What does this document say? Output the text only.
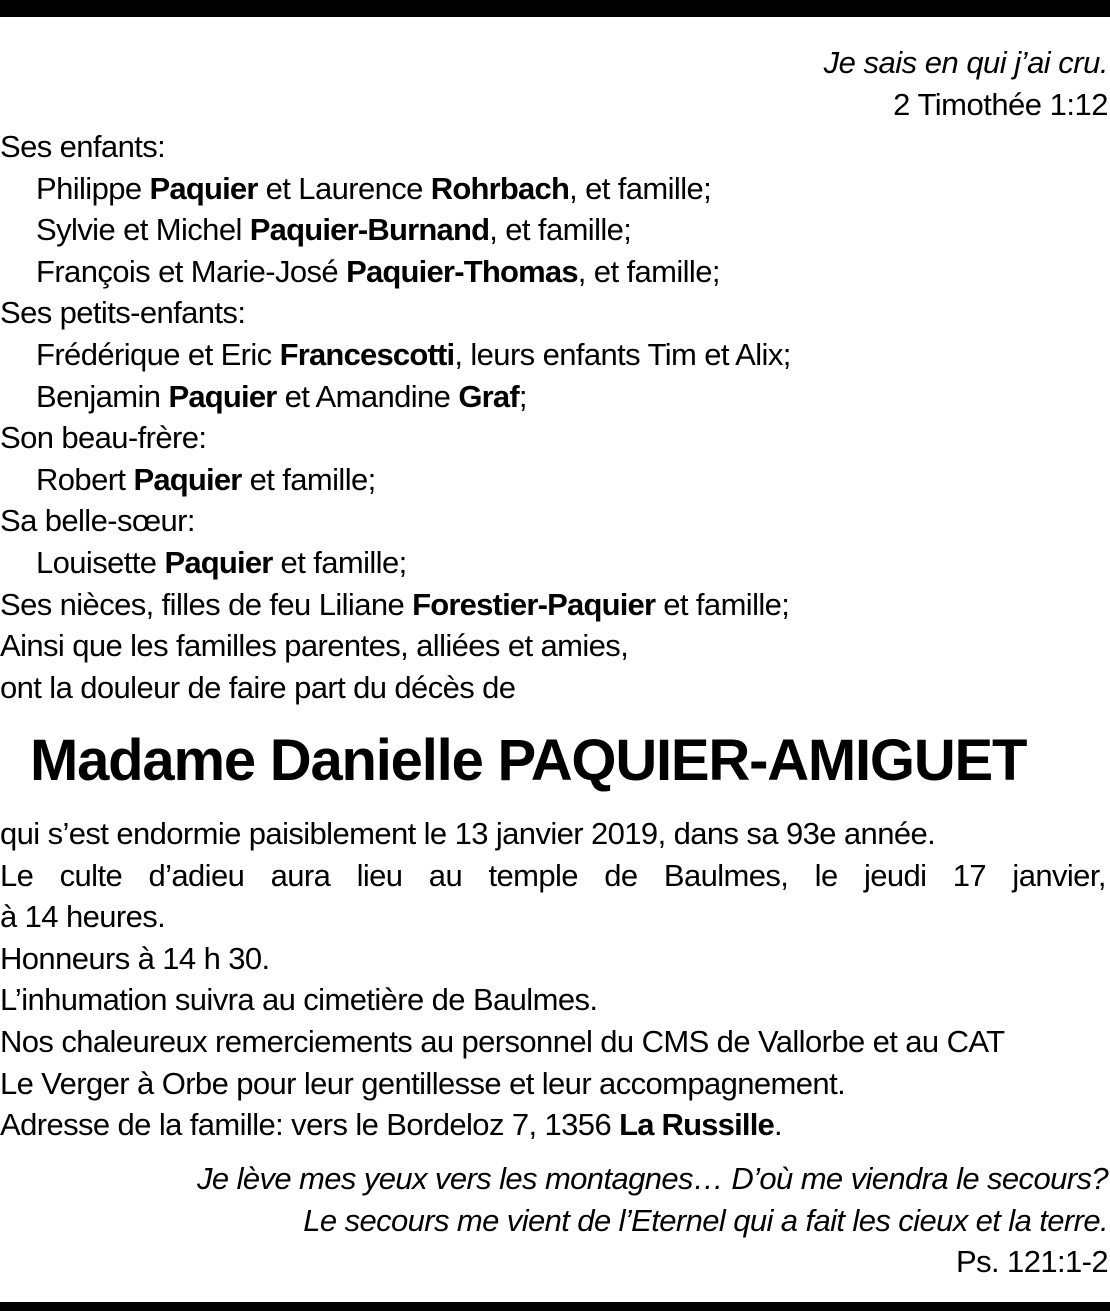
Je sais en qui j’ai cru.
2 Timothée 1:12
Ses enfants:
Philippe Paquier et Laurence Rohrbach, et famille;
Sylvie et Michel Paquier-Burnand, et famille;
François et Marie-José Paquier-Thomas, et famille;
Ses petits-enfants:
Frédérique et Eric Francescotti, leurs enfants Tim et Alix;
Benjamin Paquier et Amandine Graf;
Son beau-frère:
Robert Paquier et famille;
Sa belle-sœur:
Louisette Paquier et famille;
Ses nièces, filles de feu Liliane Forestier-Paquier et famille;
Ainsi que les familles parentes, alliées et amies,
ont la douleur de faire part du décès de
Madame Danielle PAQUIER-AMIGUET
qui s’est endormie paisiblement le 13 janvier 2019, dans sa 93e année.
Le culte d’adieu aura lieu au temple de Baulmes, le jeudi 17 janvier,
à 14 heures.
Honneurs à 14 h 30.
L’inhumation suivra au cimetière de Baulmes.
Nos chaleureux remerciements au personnel du CMS de Vallorbe et au CAT
Le Verger à Orbe pour leur gentillesse et leur accompagnement.
Adresse de la famille: vers le Bordeloz 7, 1356 La Russille.
Je lève mes yeux vers les montagnes… D’où me viendra le secours?
Le secours me vient de l’Eternel qui a fait les cieux et la terre.
Ps. 121:1-2
